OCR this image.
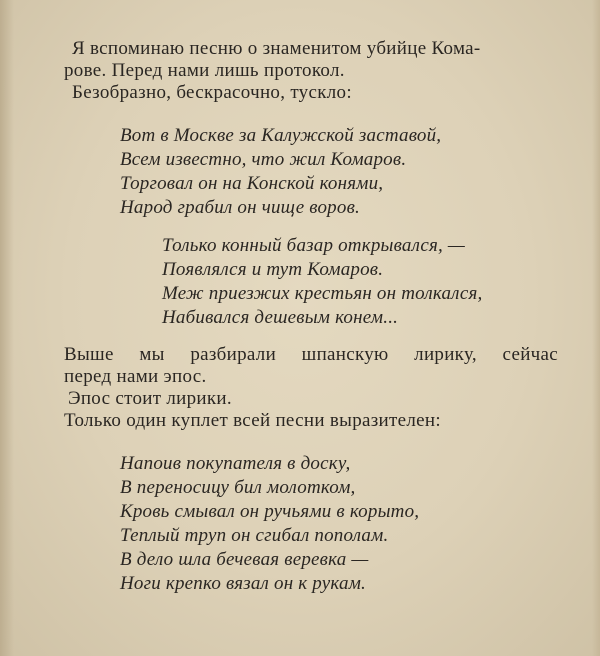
Я вспоминаю песню о знаменитом убийце Кома-

рове. Перед нами лишь протокол.

Безобразно, бескрасочно, тускло:

Вот в Москве за Калужской заставой,
Всем известно, что жил Комаров.
Торговал он на Конской конями,
Народ грабил он чище воров.
Только конный базар открывался, —
Появлялся и тут Комаров.
Меж приезжих крестьян он толкался,
Набивался дешевым конем...

Выше мы разбирали шпанскую лирику, сейчас

перед нами эпос.

Эпос стоит лирики.

Только один куплет всей песни выразителен:

Напоив покупателя в доску,
В переносицу бил молотком,
Кровь смывал он ручьями в корыто,
Теплый труп он сгибал пополам.
В дело шла бечевая веревка —
Ноги крепко вязал он к рукам.
